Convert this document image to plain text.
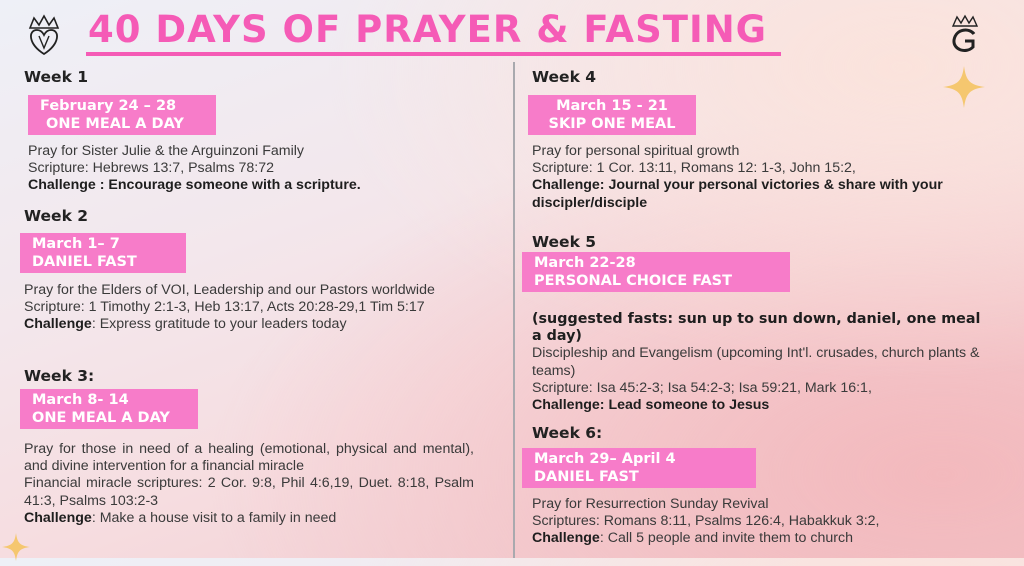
40 DAYS OF PRAYER & FASTING
Week 1
February 24 – 28
ONE MEAL A DAY

Pray for Sister Julie & the Arguinzoni Family

Scripture: Hebrews 13:7, Psalms 78:72

Challenge : Encourage someone with a scripture.

Week 2
March 1– 7
DANIEL FAST

Pray for the Elders of VOI, Leadership and our Pastors worldwide

Scripture: 1 Timothy 2:1-3, Heb 13:17, Acts 20:28-29,1 Tim 5:17

Challenge: Express gratitude to your leaders today

Week 3:
March 8- 14
ONE MEAL A DAY

Pray for those in need of a healing (emotional, physical and mental), and divine intervention for a financial miracle

Financial miracle scriptures: 2 Cor. 9:8, Phil 4:6,19, Duet. 8:18, Psalm 41:3, Psalms 103:2-3

Challenge: Make a house visit to a family in need

Week 4
March 15 - 21
SKIP ONE MEAL

Pray for personal spiritual growth

Scripture: 1 Cor. 13:11, Romans 12: 1-3, John 15:2,

Challenge: Journal your personal victories & share with your discipler/disciple

Week 5
March 22-28
PERSONAL CHOICE FAST

(suggested fasts: sun up to sun down, daniel, one meal a day)

Discipleship and Evangelism (upcoming Int'l. crusades, church plants & teams)

Scripture: Isa 45:2-3; Isa 54:2-3; Isa 59:21, Mark 16:1,

Challenge: Lead someone to Jesus

Week 6:
March 29– April 4
DANIEL FAST

Pray for Resurrection Sunday Revival

Scriptures: Romans 8:11, Psalms 126:4, Habakkuk 3:2,

Challenge: Call 5 people and invite them to church
